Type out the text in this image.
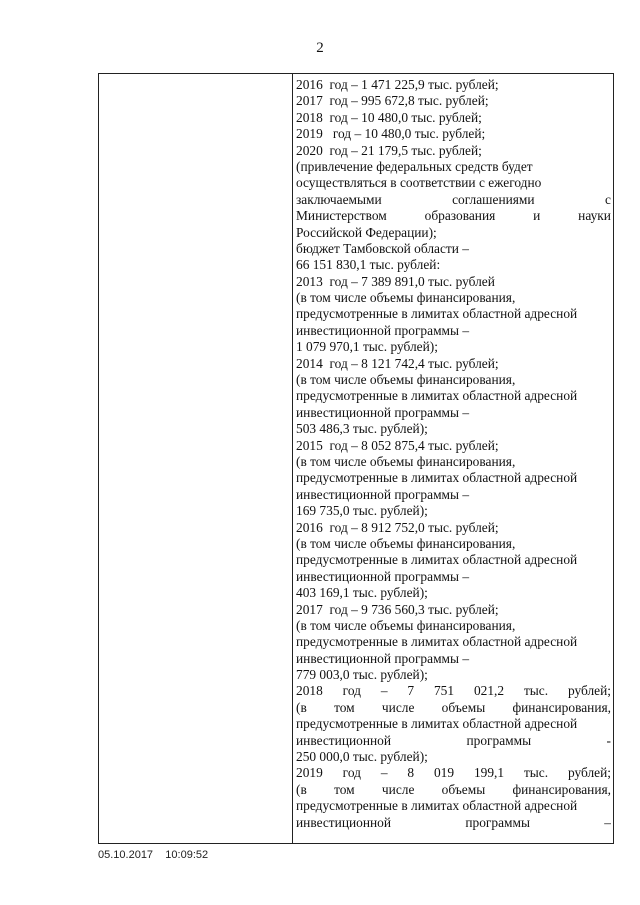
2
2016  год – 1 471 225,9 тыс. рублей;
2017  год – 995 672,8 тыс. рублей;
2018  год – 10 480,0 тыс. рублей;
2019   год – 10 480,0 тыс. рублей;
2020  год – 21 179,5 тыс. рублей;
(привлечение федеральных средств будет
осуществляться в соответствии с ежегодно
заключаемыми	соглашениями	с
Министерством	образования	и	науки
Российской Федерации);
бюджет Тамбовской области –
66 151 830,1 тыс. рублей:
2013  год – 7 389 891,0 тыс. рублей
(в том числе объемы финансирования,
предусмотренные в лимитах областной адресной
инвестиционной программы –
1 079 970,1 тыс. рублей);
2014  год – 8 121 742,4 тыс. рублей;
(в том числе объемы финансирования,
предусмотренные в лимитах областной адресной
инвестиционной программы –
503 486,3 тыс. рублей);
2015  год – 8 052 875,4 тыс. рублей;
(в том числе объемы финансирования,
предусмотренные в лимитах областной адресной
инвестиционной программы –
169 735,0 тыс. рублей);
2016  год – 8 912 752,0 тыс. рублей;
(в том числе объемы финансирования,
предусмотренные в лимитах областной адресной
инвестиционной программы –
403 169,1 тыс. рублей);
2017  год – 9 736 560,3 тыс. рублей;
(в том числе объемы финансирования,
предусмотренные в лимитах областной адресной
инвестиционной программы –
779 003,0 тыс. рублей);
2018 год – 7 751 021,2 тыс. рублей;
(в том числе объемы финансирования,
предусмотренные в лимитах областной адресной
инвестиционной	программы	-
250 000,0 тыс. рублей);
2019 год – 8 019 199,1 тыс. рублей;
(в том числе объемы финансирования,
предусмотренные в лимитах областной адресной
инвестиционной	программы	–
05.10.2017 10:09:52
